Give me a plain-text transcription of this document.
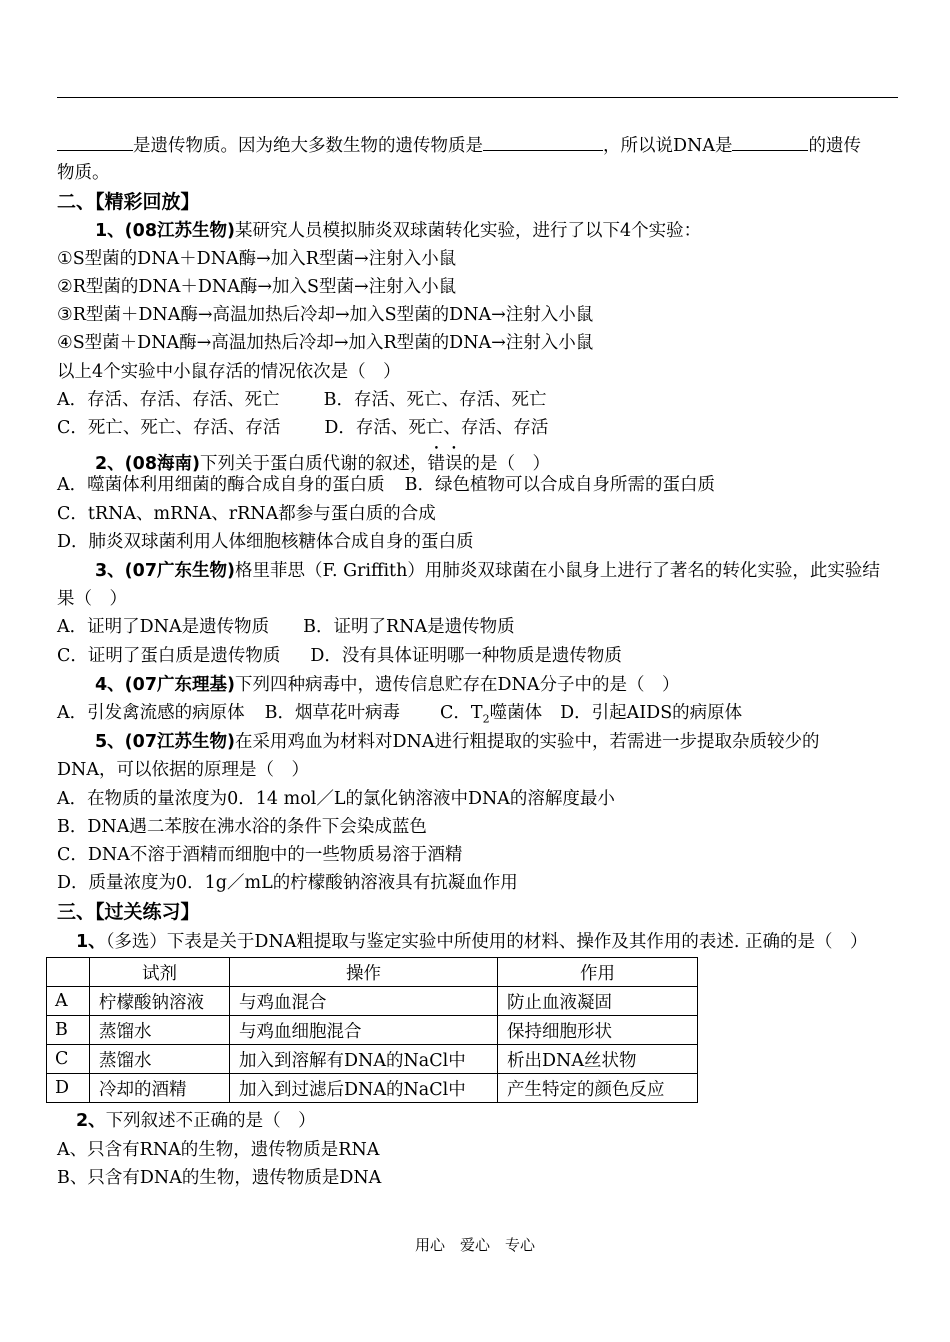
是遗传物质。因为绝大多数生物的遗传物质是	，所以说DNA是	的遗传
物质。
二、【精彩回放】
1、(08江苏生物)某研究人员模拟肺炎双球菌转化实验，进行了以下4个实验：
①S型菌的DNA＋DNA酶→加入R型菌→注射入小鼠
②R型菌的DNA＋DNA酶→加入S型菌→注射入小鼠
③R型菌＋DNA酶→高温加热后冷却→加入S型菌的DNA→注射入小鼠
④S型菌＋DNA酶→高温加热后冷却→加入R型菌的DNA→注射入小鼠
以上4个实验中小鼠存活的情况依次是（　）
A．存活、存活、存活、死亡	B．存活、死亡、存活、死亡
C．死亡、死亡、存活、存活	D．存活、死亡、存活、存活
2、(08海南)下列关于蛋白质代谢的叙述，错误的是（　）
A．噬菌体利用细菌的酶合成自身的蛋白质 B．绿色植物可以合成自身所需的蛋白质
C．tRNA、mRNA、rRNA都参与蛋白质的合成
D．肺炎双球菌利用人体细胞核糖体合成自身的蛋白质
3、(07广东生物)格里菲思（F. Griffith）用肺炎双球菌在小鼠身上进行了著名的转化实验，此实验结
果（　）
A．证明了DNA是遗传物质 B．证明了RNA是遗传物质
C．证明了蛋白质是遗传物质 D．没有具体证明哪一种物质是遗传物质
4、(07广东理基)下列四种病毒中，遗传信息贮存在DNA分子中的是（　）
A．引发禽流感的病原体 B．烟草花叶病毒 C．$T_2$噬菌体 D．引起AIDS的病原体
5、(07江苏生物)在采用鸡血为材料对DNA进行粗提取的实验中，若需进一步提取杂质较少的
DNA，可以依据的原理是（　）
A．在物质的量浓度为0．14 mol／L的氯化钠溶液中DNA的溶解度最小
B．DNA遇二苯胺在沸水浴的条件下会染成蓝色
C．DNA不溶于酒精而细胞中的一些物质易溶于酒精
D．质量浓度为0．1g／mL的柠檬酸钠溶液具有抗凝血作用
三、【过关练习】
1、（多选）下表是关于DNA粗提取与鉴定实验中所使用的材料、操作及其作用的表述. 正确的是（　）
	试剂	操作	作用
A	柠檬酸钠溶液	与鸡血混合	防止血液凝固
B	蒸馏水	与鸡血细胞混合	保持细胞形状
C	蒸馏水	加入到溶解有DNA的NaCl中	析出DNA丝状物
D	冷却的酒精	加入到过滤后DNA的NaCl中	产生特定的颜色反应
2、下列叙述不正确的是（　）
A、只含有RNA的生物，遗传物质是RNA
B、只含有DNA的生物，遗传物质是DNA
用心　爱心　专心
